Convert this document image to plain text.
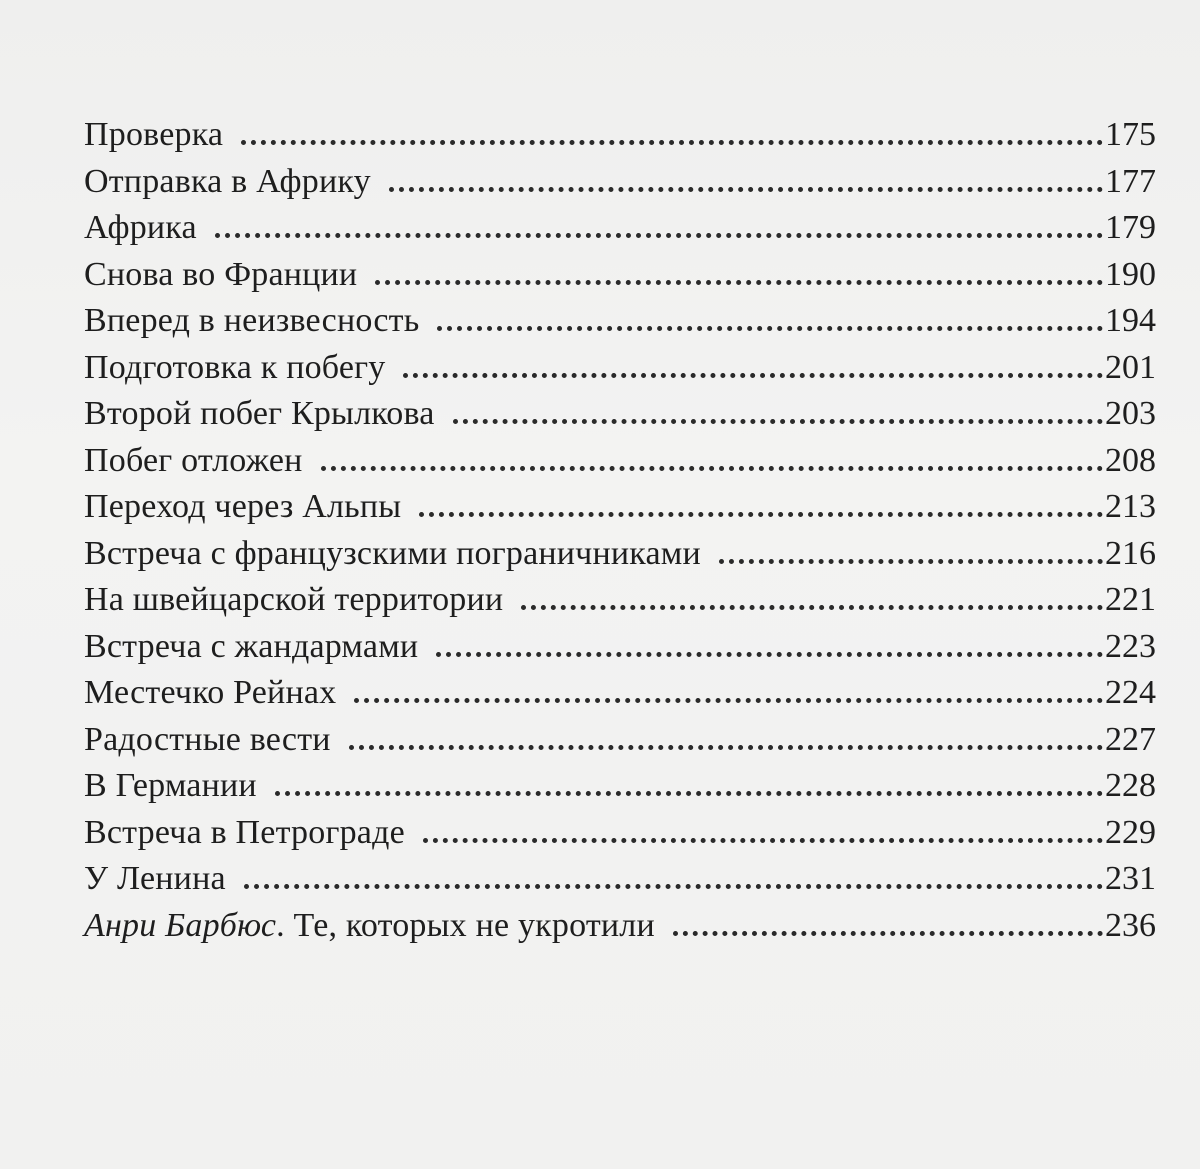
Проверка	175
Отправка в Африку	177
Африка	179
Снова во Франции	190
Вперед в неизвесность	194
Подготовка к побегу	201
Второй побег Крылкова	203
Побег отложен	208
Переход через Альпы	213
Встреча с французскими пограничниками	216
На швейцарской территории	221
Встреча с жандармами	223
Местечко Рейнах	224
Радостные вести	227
В Германии	228
Встреча в Петрограде	229
У Ленина	231
Анри Барбюс. Те, которых не укротили	236
